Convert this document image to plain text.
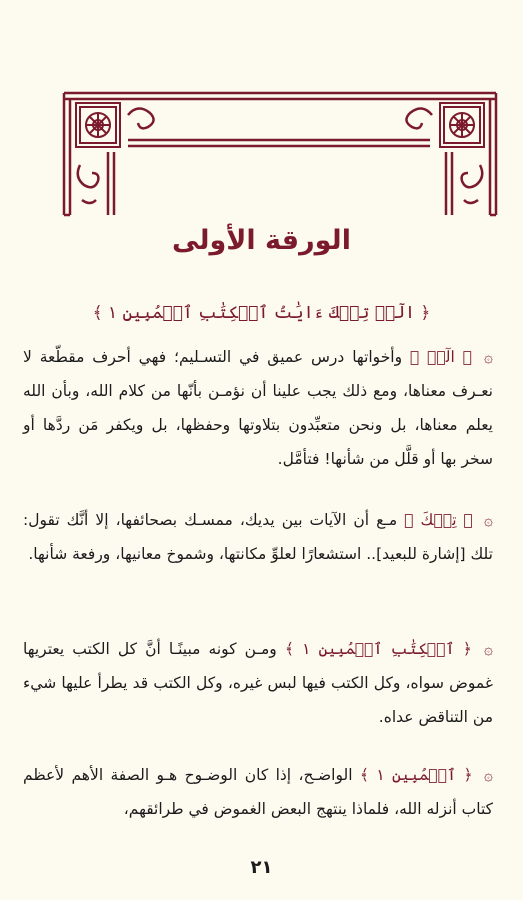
الورقة الأولى
﴿ الٓرۚ تِلۡكَ ءَايَٰتُ ٱلۡكِتَٰبِ ٱلۡمُبِينِ ١ ﴾

۞ ﴿ الٓرۚ ﴾ وأخواتها درس عميق في التسـليم؛ فهي أحرف مقطّعة لا نعـرف معناها، ومع ذلك يجب علينا أن نؤمـن بأنّها من كلام الله، وبأن الله يعلم معناها، بل ونحن متعبِّدون بتلاوتها وحفظها، بل ويكفر مَن ردَّها أو سخر بها أو قلَّل من شأنها! فتأمَّل.

۞ ﴿ تِلۡكَ ﴾ مـع أن الآيات بين يديك، ممسـك بصحائفها، إلا أنَّك تقول: تلك [إشارة للبعيد].. استشعارًا لعلوِّ مكانتها، وشموخ معانيها، ورفعة شأنها.

۞ ﴿ ٱلۡكِتَٰبِ ٱلۡمُبِينِ ١ ﴾ ومـن كونه مبينًـا أنَّ كل الكتب يعتريها غموض سواه، وكل الكتب فيها لبس غيره، وكل الكتب قد يطرأ عليها شيء من التناقض عداه.

۞ ﴿ ٱلۡمُبِينِ ١ ﴾ الواضـح، إذا كان الوضـوح هـو الصفة الأهم لأعظم كتاب أنزله الله، فلماذا ينتهج البعض الغموض في طرائقهم،

٢١
